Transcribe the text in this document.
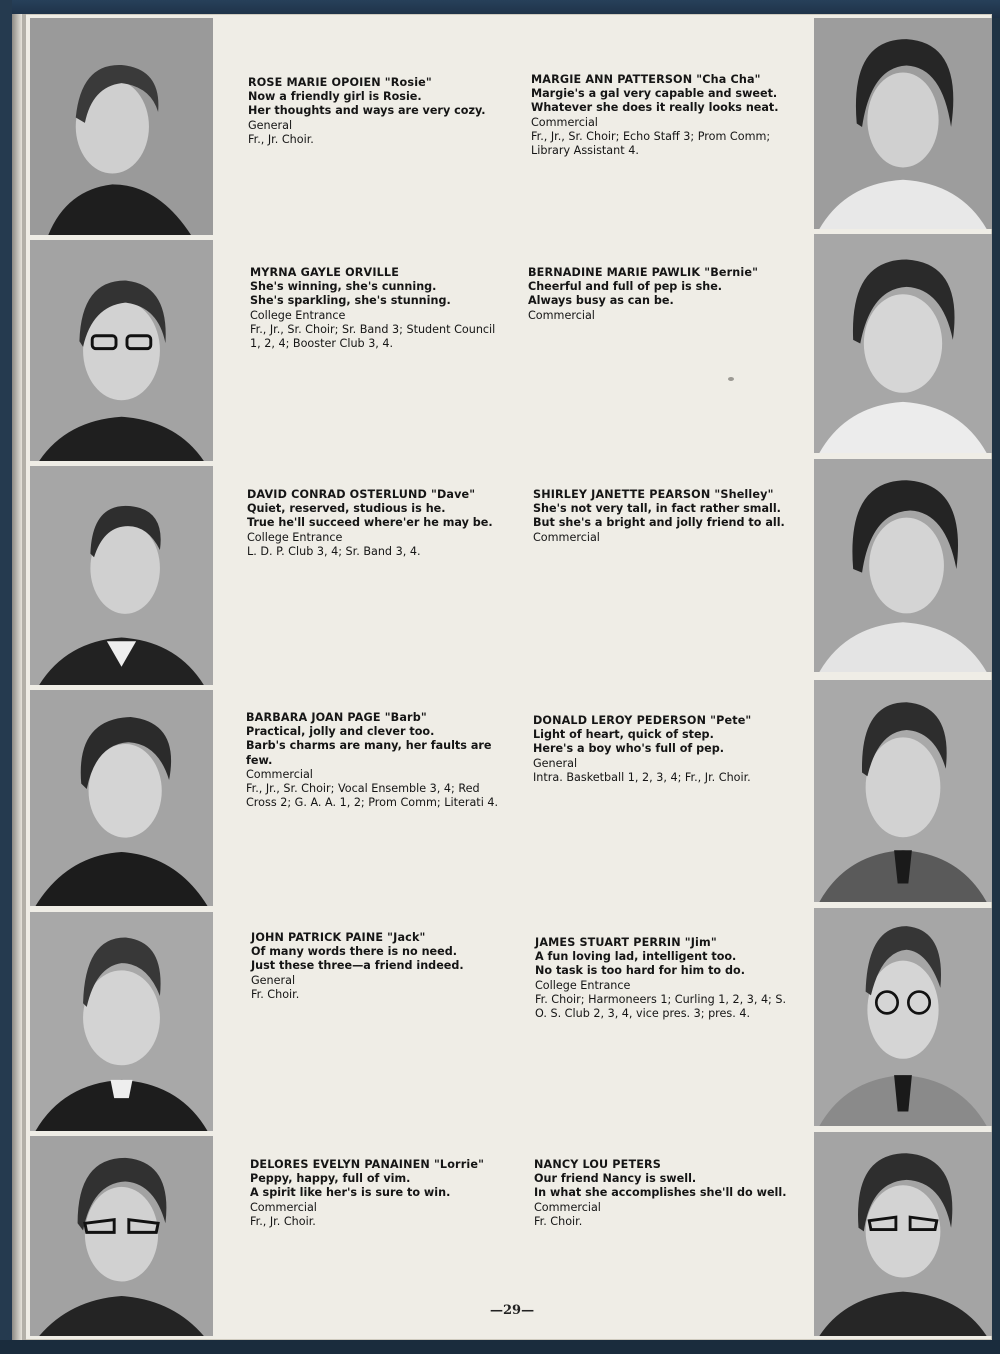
ROSE MARIE OPOIEN "Rosie"
Now a friendly girl is Rosie.
Her thoughts and ways are very cozy.
General
Fr., Jr. Choir.
MYRNA GAYLE ORVILLE
She's winning, she's cunning.
She's sparkling, she's stunning.
College Entrance
Fr., Jr., Sr. Choir; Sr. Band 3; Student Council 1, 2, 4; Booster Club 3, 4.
DAVID CONRAD OSTERLUND "Dave"
Quiet, reserved, studious is he.
True he'll succeed where'er he may be.
College Entrance
L. D. P. Club 3, 4; Sr. Band 3, 4.
BARBARA JOAN PAGE "Barb"
Practical, jolly and clever too.
Barb's charms are many, her faults are
few.
Commercial
Fr., Jr., Sr. Choir; Vocal Ensemble 3, 4; Red Cross 2; G. A. A. 1, 2; Prom Comm; Literati 4.
JOHN PATRICK PAINE "Jack"
Of many words there is no need.
Just these three—a friend indeed.
General
Fr. Choir.
DELORES EVELYN PANAINEN "Lorrie"
Peppy, happy, full of vim.
A spirit like her's is sure to win.
Commercial
Fr., Jr. Choir.
MARGIE ANN PATTERSON "Cha Cha"
Margie's a gal very capable and sweet.
Whatever she does it really looks neat.
Commercial
Fr., Jr., Sr. Choir; Echo Staff 3; Prom Comm; Library Assistant 4.
BERNADINE MARIE PAWLIK "Bernie"
Cheerful and full of pep is she.
Always busy as can be.
Commercial
SHIRLEY JANETTE PEARSON "Shelley"
She's not very tall, in fact rather small.
But she's a bright and jolly friend to all.
Commercial
DONALD LEROY PEDERSON "Pete"
Light of heart, quick of step.
Here's a boy who's full of pep.
General
Intra. Basketball 1, 2, 3, 4; Fr., Jr. Choir.
JAMES STUART PERRIN "Jim"
A fun loving lad, intelligent too.
No task is too hard for him to do.
College Entrance
Fr. Choir; Harmoneers 1; Curling 1, 2, 3, 4; S. O. S. Club 2, 3, 4, vice pres. 3; pres. 4.
NANCY LOU PETERS
Our friend Nancy is swell.
In what she accomplishes she'll do well.
Commercial
Fr. Choir.
—29—
